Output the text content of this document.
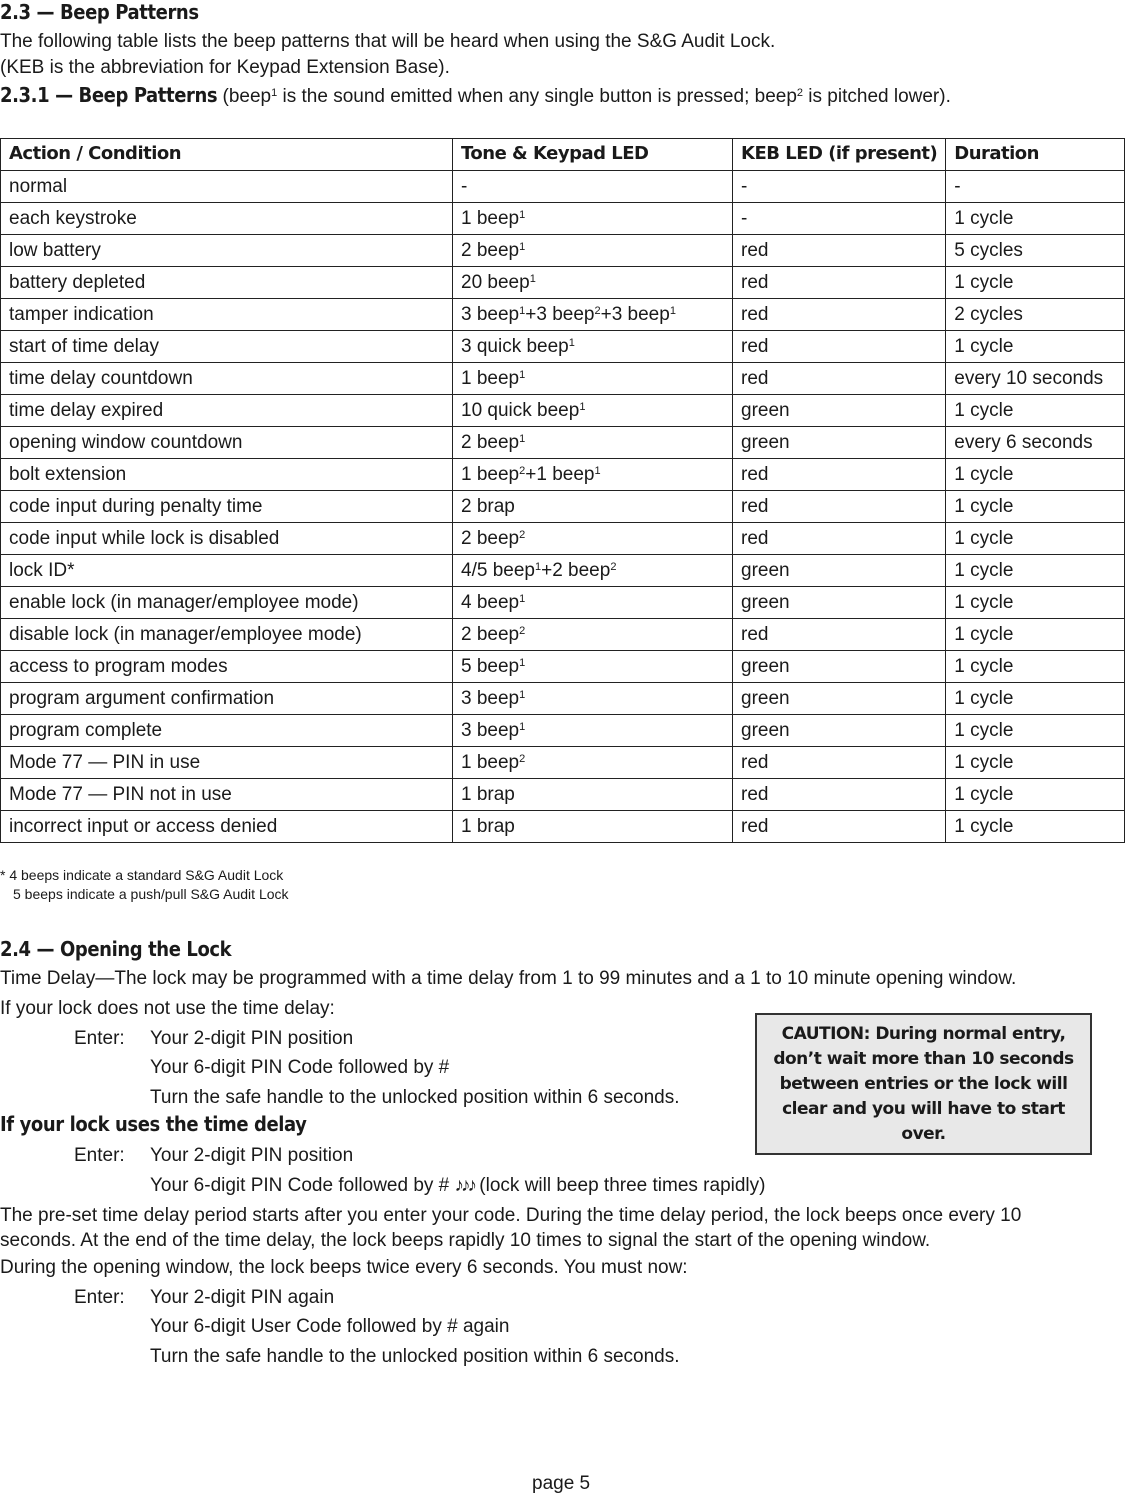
2.3 — Beep Patterns
The following table lists the beep patterns that will be heard when using the S&G Audit Lock.
(KEB is the abbreviation for Keypad Extension Base).
2.3.1 — Beep Patterns (beep$^1$ is the sound emitted when any single button is pressed; beep$^2$ is pitched lower).
Action / Condition	Tone & Keypad LED	KEB LED (if present)	Duration
normal	-	-	-
each keystroke	1 beep$^1$	-	1 cycle
low battery	2 beep$^1$	red	5 cycles
battery depleted	20 beep$^1$	red	1 cycle
tamper indication	3 beep$^1$+3 beep$^2$+3 beep$^1$	red	2 cycles
start of time delay	3 quick beep$^1$	red	1 cycle
time delay countdown	1 beep$^1$	red	every 10 seconds
time delay expired	10 quick beep$^1$	green	1 cycle
opening window countdown	2 beep$^1$	green	every 6 seconds
bolt extension	1 beep$^2$+1 beep$^1$	red	1 cycle
code input during penalty time	2 brap	red	1 cycle
code input while lock is disabled	2 beep$^2$	red	1 cycle
lock ID*	4/5 beep$^1$+2 beep$^2$	green	1 cycle
enable lock (in manager/employee mode)	4 beep$^1$	green	1 cycle
disable lock (in manager/employee mode)	2 beep$^2$	red	1 cycle
access to program modes	5 beep$^1$	green	1 cycle
program argument confirmation	3 beep$^1$	green	1 cycle
program complete	3 beep$^1$	green	1 cycle
Mode 77 — PIN in use	1 beep$^2$	red	1 cycle
Mode 77 — PIN not in use	1 brap	red	1 cycle
incorrect input or access denied	1 brap	red	1 cycle
* 4 beeps indicate a standard S&G Audit Lock
5 beeps indicate a push/pull S&G Audit Lock
2.4 — Opening the Lock
Time Delay—The lock may be programmed with a time delay from 1 to 99 minutes and a 1 to 10 minute opening window.
If your lock does not use the time delay:
Enter: Your 2-digit PIN position
Your 6-digit PIN Code followed by #
Turn the safe handle to the unlocked position within 6 seconds.
If your lock uses the time delay
Enter: Your 2-digit PIN position
Your 6-digit PIN Code followed by # ♪♪♪ (lock will beep three times rapidly)
The pre-set time delay period starts after you enter your code. During the time delay period, the lock beeps once every 10
seconds. At the end of the time delay, the lock beeps rapidly 10 times to signal the start of the opening window.
During the opening window, the lock beeps twice every 6 seconds. You must now:
Enter: Your 2-digit PIN again
Your 6-digit User Code followed by # again
Turn the safe handle to the unlocked position within 6 seconds.
CAUTION: During normal entry, don’t wait more than 10 seconds between entries or the lock will clear and you will have to start over.
page 5
